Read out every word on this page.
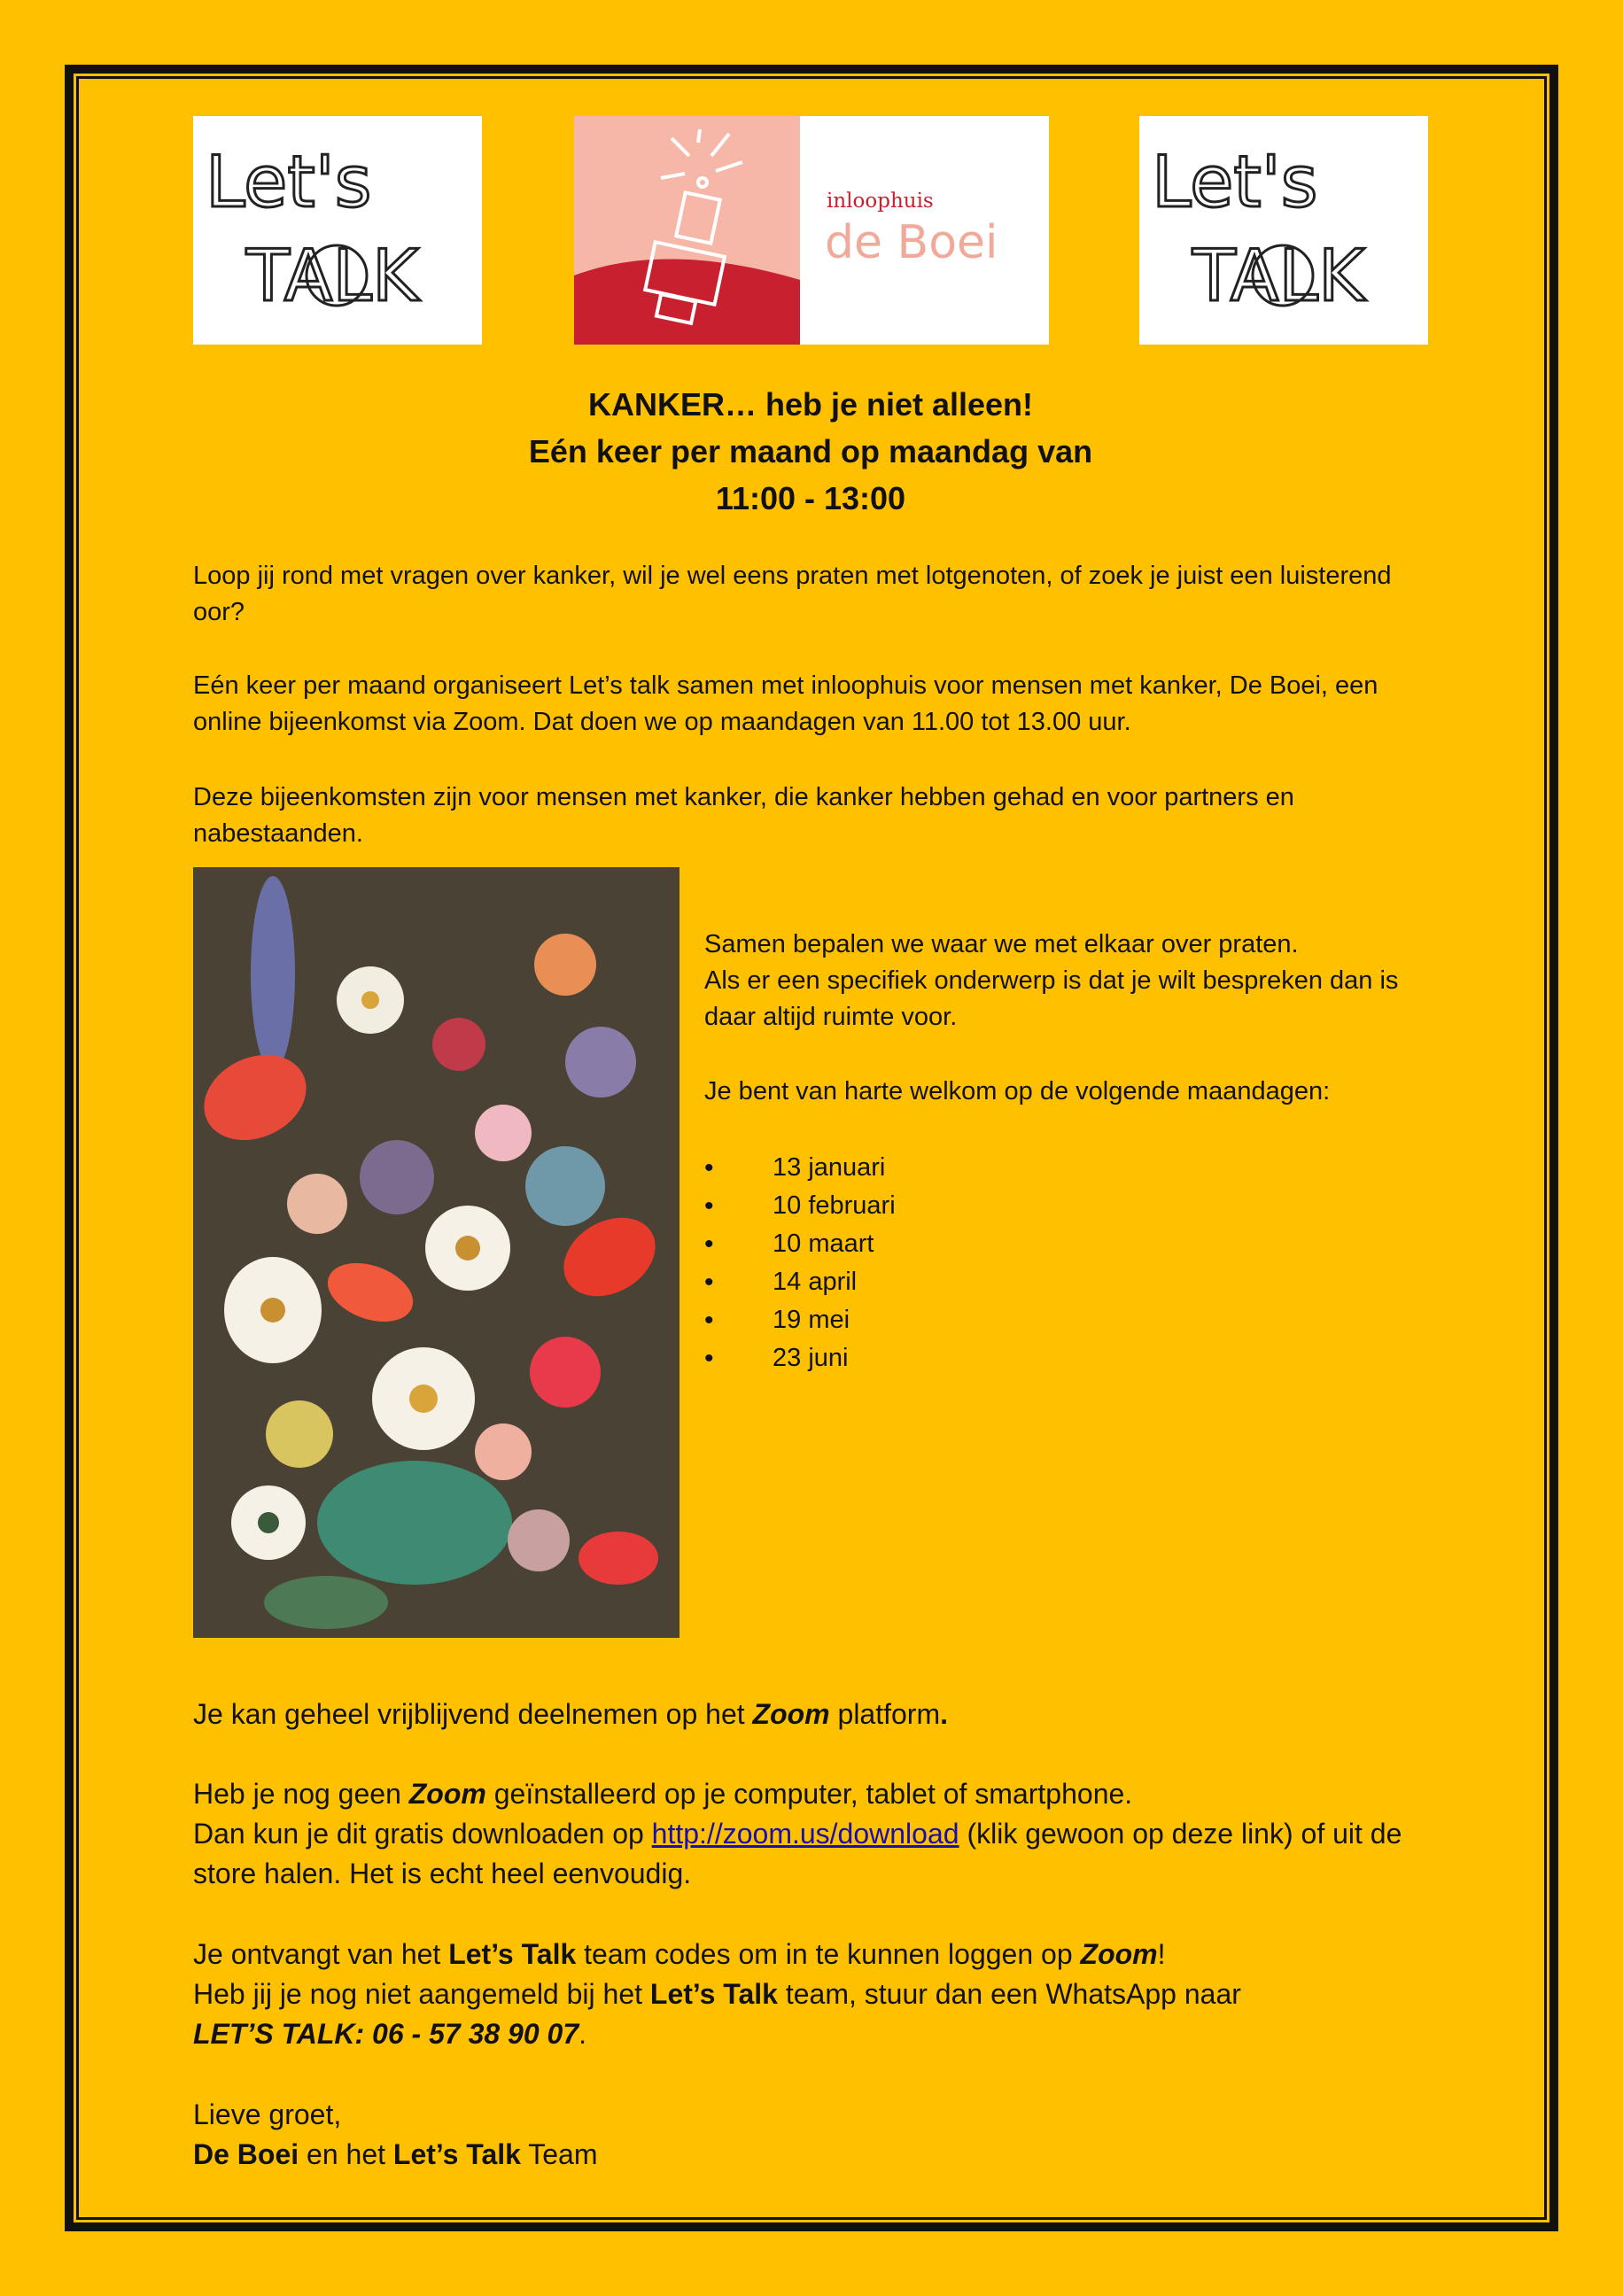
Let's
TALK
inloophuis
de Boei
Let's
TALK
KANKER… heb je niet alleen!
Eén keer per maand op maandag van
11:00 - 13:00

Loop jij rond met vragen over kanker, wil je wel eens praten met lotgenoten, of zoek je juist een luisterend oor?

Eén keer per maand organiseert Let’s talk samen met inloophuis voor mensen met kanker, De Boei, een online bijeenkomst via Zoom. Dat doen we op maandagen van 11.00 tot 13.00 uur.

Deze bijeenkomsten zijn voor mensen met kanker, die kanker hebben gehad en voor partners en nabestaanden.

Samen bepalen we waar we met elkaar over praten.
Als er een specifiek onderwerp is dat je wilt bespreken dan is daar altijd ruimte voor.

Je bent van harte welkom op de volgende maandagen:

• 13 januari
• 10 februari
• 10 maart
• 14 april
• 19 mei
• 23 juni

Je kan geheel vrijblijvend deelnemen op het Zoom platform.

Heb je nog geen Zoom geïnstalleerd op je computer, tablet of smartphone.
Dan kun je dit gratis downloaden op http://zoom.us/download (klik gewoon op deze link) of uit de store halen. Het is echt heel eenvoudig.

Je ontvangt van het Let’s Talk team codes om in te kunnen loggen op Zoom!
Heb jij je nog niet aangemeld bij het Let’s Talk team, stuur dan een WhatsApp naar
LET’S TALK: 06 - 57 38 90 07.

Lieve groet,
De Boei en het Let’s Talk Team
